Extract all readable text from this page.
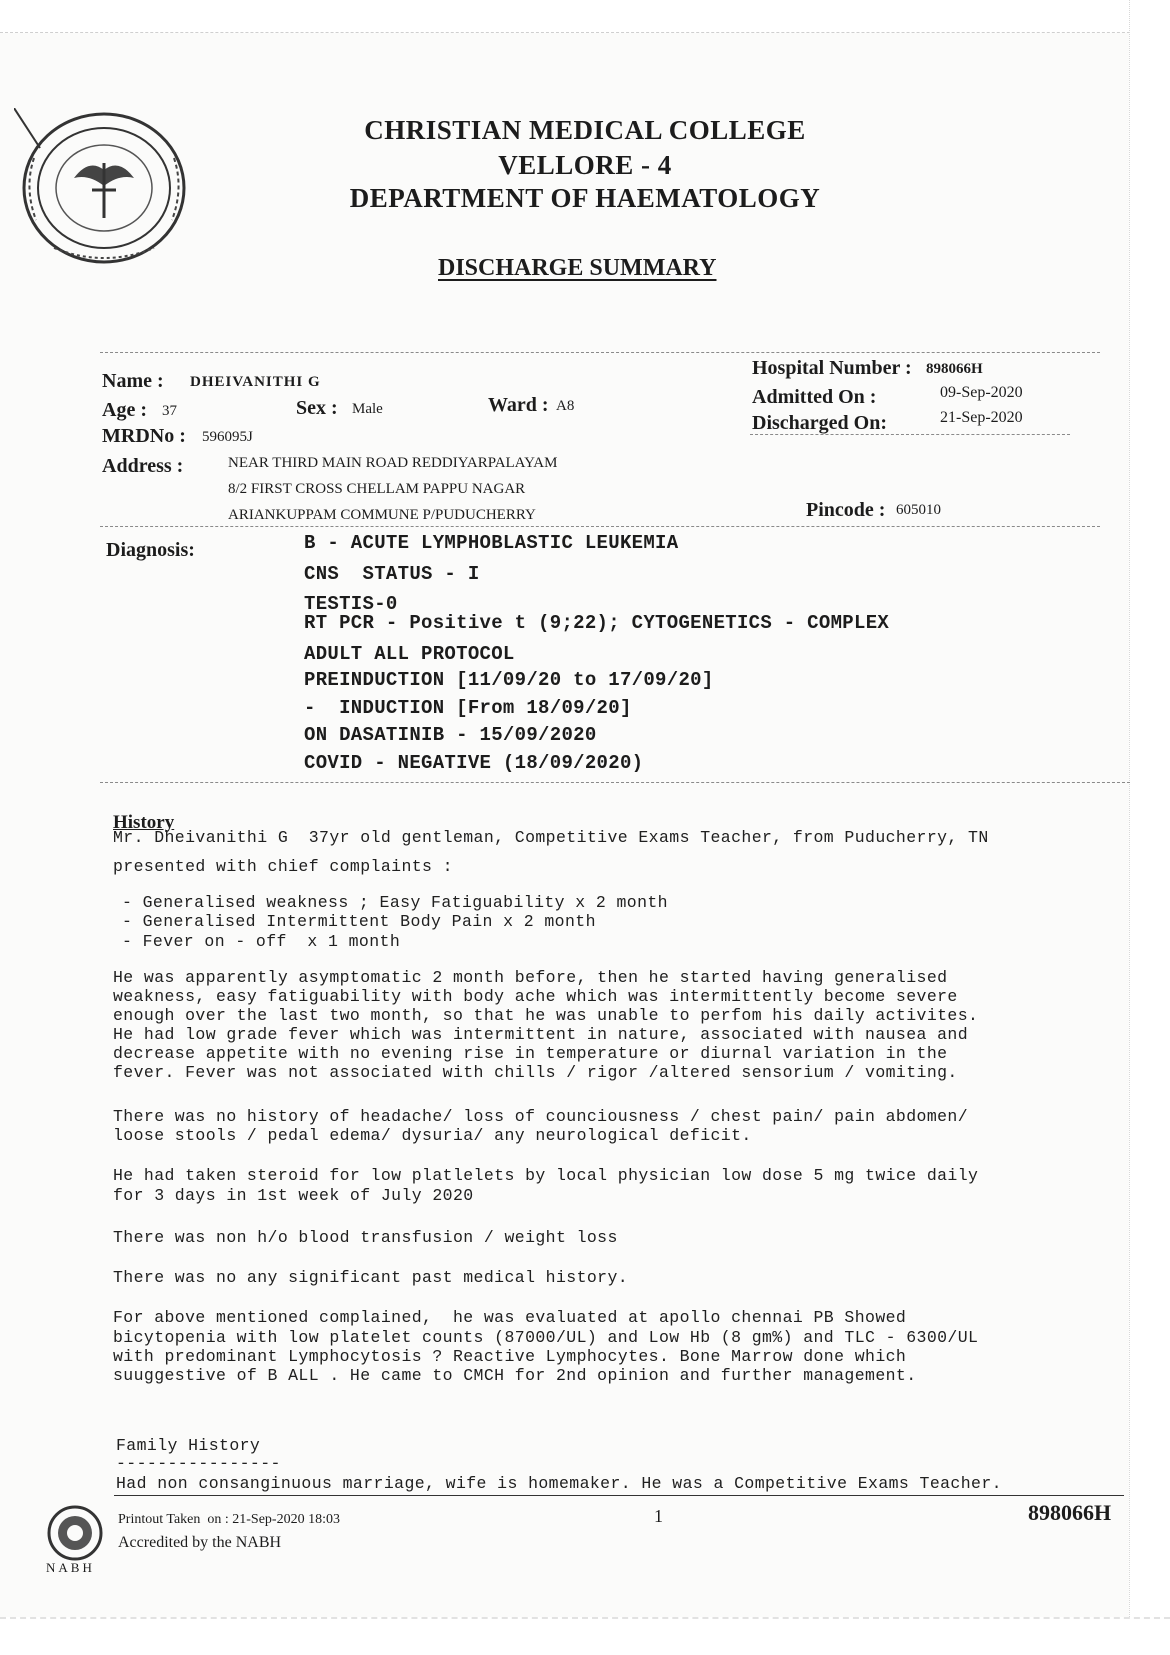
CHRISTIAN MEDICAL COLLEGE
VELLORE - 4
DEPARTMENT OF HAEMATOLOGY
DISCHARGE SUMMARY
Name : DHEIVANITHI G
Age : 37	Sex : Male	Ward : A8
MRDNo : 596095J
Hospital Number : 898066H
Admitted On :	09-Sep-2020
Discharged On:	21-Sep-2020
Address :	NEAR THIRD MAIN ROAD REDDIYARPALAYAM
8/2 FIRST CROSS CHELLAM PAPPU NAGAR
ARIANKUPPAM COMMUNE P/PUDUCHERRY	Pincode : 605010
Diagnosis:	B - ACUTE LYMPHOBLASTIC LEUKEMIA
CNS  STATUS - I
TESTIS-0
RT PCR - Positive t (9;22); CYTOGENETICS - COMPLEX
ADULT ALL PROTOCOL
PREINDUCTION [11/09/20 to 17/09/20]
-  INDUCTION [From 18/09/20]
ON DASATINIB - 15/09/2020
COVID - NEGATIVE (18/09/2020)
History
Mr. Dheivanithi G  37yr old gentleman, Competitive Exams Teacher, from Puducherry, TN
presented with chief complaints :
- Generalised weakness ; Easy Fatiguability x 2 month
- Generalised Intermittent Body Pain x 2 month
- Fever on - off  x 1 month
He was apparently asymptomatic 2 month before, then he started having generalised
weakness, easy fatiguability with body ache which was intermittently become severe
enough over the last two month, so that he was unable to perfom his daily activites.
He had low grade fever which was intermittent in nature, associated with nausea and
decrease appetite with no evening rise in temperature or diurnal variation in the
fever. Fever was not associated with chills / rigor /altered sensorium / vomiting.
There was no history of headache/ loss of counciousness / chest pain/ pain abdomen/
loose stools / pedal edema/ dysuria/ any neurological deficit.
He had taken steroid for low platlelets by local physician low dose 5 mg twice daily
for 3 days in 1st week of July 2020
There was non h/o blood transfusion / weight loss
There was no any significant past medical history.
For above mentioned complained,  he was evaluated at apollo chennai PB Showed
bicytopenia with low platelet counts (87000/UL) and Low Hb (8 gm%) and TLC - 6300/UL
with predominant Lymphocytosis ? Reactive Lymphocytes. Bone Marrow done which
suuggestive of B ALL . He came to CMCH for 2nd opinion and further management.
Family History
----------------
Had non consanginuous marriage, wife is homemaker. He was a Competitive Exams Teacher.
NABH
Printout Taken  on : 21-Sep-2020 18:03
Accredited by the NABH
1	898066H
